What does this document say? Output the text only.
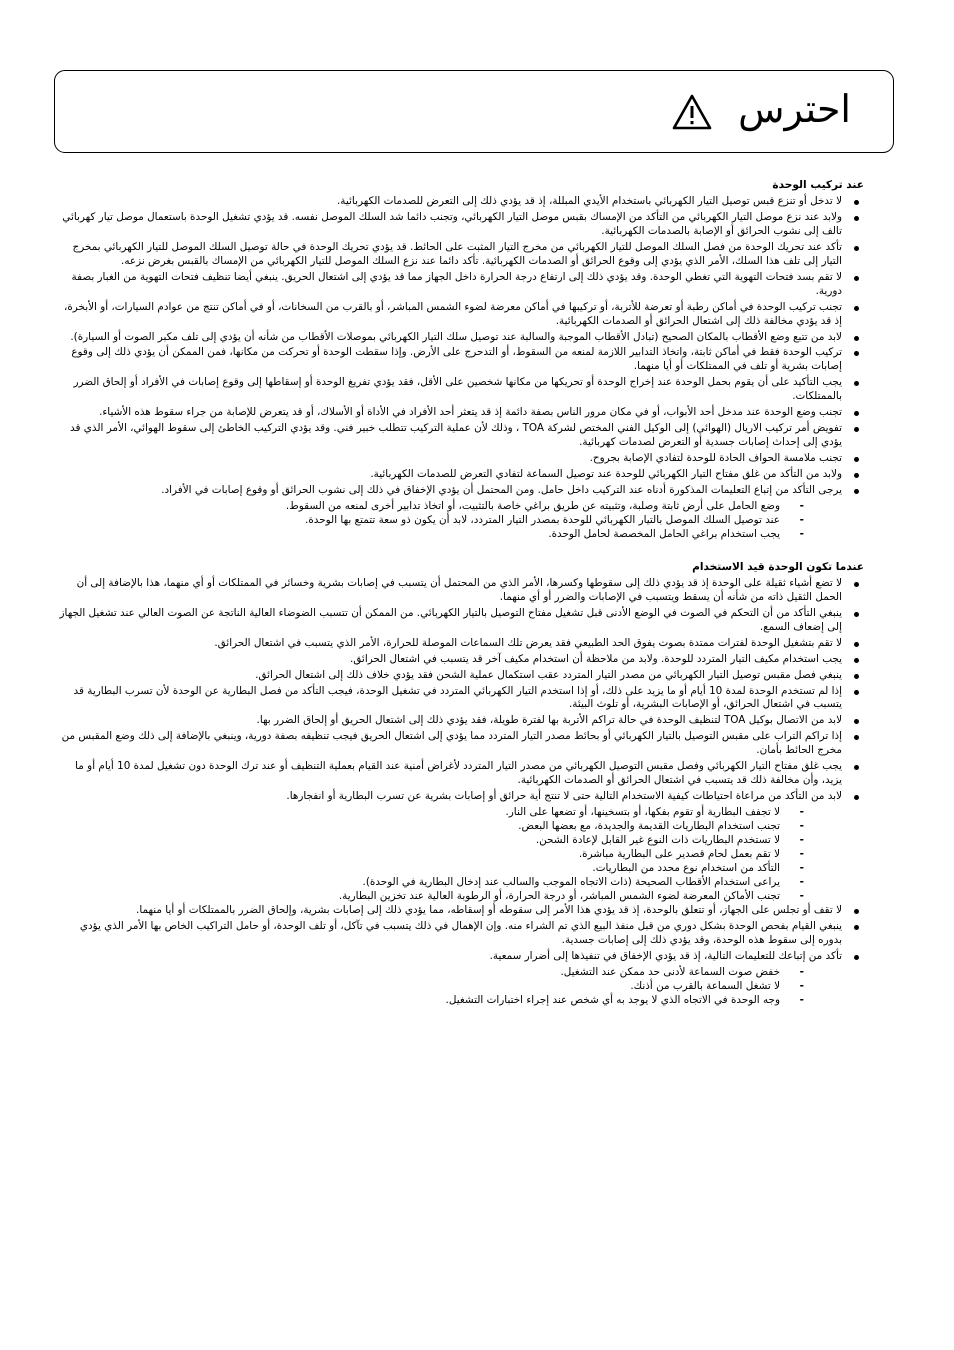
احترس
عند تركيب الوحدة
لا تدخل أو تنزع قبس توصيل التيار الكهربائي باستخدام الأيدي المبللة، إذ قد يؤدي ذلك إلى التعرض للصدمات الكهربائية.
ولابد عند نزع موصل التيار الكهربائي من التأكد من الإمساك بقبس موصل التيار الكهربائي، وتجنب دائما شد السلك الموصل نفسه. قد يؤدي تشغيل الوحدة باستعمال موصل تيار كهربائي تالف إلى نشوب الحرائق أو الإصابة بالصدمات الكهربائية.
تأكد عند تحريك الوحدة من فصل السلك الموصل للتيار الكهربائي من مخرج التيار المثبت على الحائط. قد يؤدي تحريك الوحدة في حالة توصيل السلك الموصل للتيار الكهربائي بمخرج التيار إلى تلف هذا السلك، الأمر الذي يؤدي إلى وقوع الحرائق أو الصدمات الكهربائية. تأكد دائما عند نزع السلك الموصل للتيار الكهربائي من الإمساك بالقبس بغرض نزعه.
لا تقم بسد فتحات التهوية التي تغطي الوحدة. وقد يؤدي ذلك إلى ارتفاع درجة الحرارة داخل الجهاز مما قد يؤدي إلى اشتعال الحريق. ينبغي أيضا تنظيف فتحات التهوية من الغبار بصفة دورية.
تجنب تركيب الوحدة في أماكن رطبة أو تعرضة للأتربة، أو تركيبها في أماكن معرضة لضوء الشمس المباشر، أو بالقرب من السخانات، أو في أماكن تنتج من عوادم السيارات، أو الأبخرة، إذ قد يؤدي مخالفة ذلك إلى اشتعال الحرائق أو الصدمات الكهربائية.
لابد من تتبع وضع الأقطاب بالمكان الصحيح (تبادل الأقطاب الموجبة والسالبة عند توصيل سلك التيار الكهربائي بموصلات الأقطاب من شأنه أن يؤدي إلى تلف مكبر الصوت أو السيارة).
تركيب الوحدة فقط في أماكن ثابتة، واتخاذ التدابير اللازمة لمنعه من السقوط، أو التدحرج على الأرض. وإذا سقطت الوحدة أو تحركت من مكانها، فمن الممكن أن يؤدي ذلك إلى وقوع إصابات بشرية أو تلف في الممتلكات أو أيا منهما.
يجب التأكيد على أن يقوم بحمل الوحدة عند إخراج الوحدة أو تحريكها من مكانها شخصين على الأقل، فقد يؤدي تفريغ الوحدة أو إسقاطها إلى وقوع إصابات في الأفراد أو إلحاق الضرر بالممتلكات.
تجنب وضع الوحدة عند مدخل أحد الأبواب، أو في مكان مرور الناس بصفة دائمة إذ قد يتعثر أحد الأفراد في الأداة أو الأسلاك، أو قد يتعرض للإصابة من جراء سقوط هذه الأشياء.
تفويض أمر تركيب الاريال (الهوائي) إلى الوكيل الفني المختص لشركة TOA ، وذلك لأن عملية التركيب تتطلب خبير فني. وقد يؤدي التركيب الخاطئ إلى سقوط الهوائي، الأمر الذي قد يؤدي إلى إحداث إصابات جسدية أو التعرض لصدمات كهربائية.
تجنب ملامسة الحواف الحادة للوحدة لتفادي الإصابة بجروح.
ولابد من التأكد من غلق مفتاح التيار الكهربائي للوحدة عند توصيل السماعة لتفادي التعرض للصدمات الكهربائية.
يرجى التأكد من إتباع التعليمات المذكورة أدناه عند التركيب داخل حامل. ومن المحتمل أن يؤدي الإخفاق في ذلك إلى نشوب الحرائق أو وقوع إصابات في الأفراد.
- وضع الحامل على أرض ثابتة وصلبة، وتثبيته عن طريق براغي خاصة بالتثبيت، أو اتخاذ تدابير أخرى لمنعه من السقوط.
- عند توصيل السلك الموصل بالتيار الكهربائي للوحدة بمصدر التيار المتردد، لابد أن يكون ذو سعة تتمتع بها الوحدة.
- يجب استخدام براغي الحامل المخصصة لحامل الوحدة.
عندما تكون الوحدة قيد الاستخدام
لا تضع أشياء ثقيلة على الوحدة إذ قد يؤدي ذلك إلى سقوطها وكسرها، الأمر الذي من المحتمل أن يتسبب في إصابات بشرية وخسائر في الممتلكات أو أي منهما، هذا بالإضافة إلى أن الحمل الثقيل ذاته من شأنه أن يسقط ويتسبب في الإصابات والضرر أو أي منهما.
ينبغي التأكد من أن التحكم في الصوت في الوضع الأدنى قبل تشغيل مفتاح التوصيل بالتيار الكهربائي. من الممكن أن تتسبب الضوضاء العالية الناتجة عن الصوت العالي عند تشغيل الجهاز إلى إضعاف السمع.
لا تقم بتشغيل الوحدة لفترات ممتدة بصوت يفوق الحد الطبيعي فقد يعرض تلك السماعات الموصلة للحرارة، الأمر الذي يتسبب في اشتعال الحرائق.
يجب استخدام مكيف التيار المتردد للوحدة. ولابد من ملاحظة أن استخدام مكيف آخر قد يتسبب في اشتعال الحرائق.
ينبغي فصل مقبس توصيل التيار الكهربائي من مصدر التيار المتردد عقب استكمال عملية الشحن فقد يؤدي خلاف ذلك إلى اشتعال الحرائق.
إذا لم تستخدم الوحدة لمدة 10 أيام أو ما يزيد على ذلك، أو إذا استخدم التيار الكهربائي المتردد في تشغيل الوحدة، فيجب التأكد من فصل البطارية عن الوحدة لأن تسرب البطارية قد يتسبب في اشتعال الحرائق، أو الإصابات البشرية، أو تلوث البيئة.
لابد من الاتصال بوكيل TOA لتنظيف الوحدة في حالة تراكم الأتربة بها لفترة طويلة، فقد يؤدي ذلك إلى اشتعال الحريق أو إلحاق الضرر بها.
إذا تراكم التراب على مقبس التوصيل بالتيار الكهربائي أو بحائط مصدر التيار المتردد مما يؤدي إلى اشتعال الحريق فيجب تنظيفه بصفة دورية، وينبغي بالإضافة إلى ذلك وضع المقبس من مخرج الحائط بأمان.
يجب غلق مفتاح التيار الكهربائي وفصل مقبس التوصيل الكهربائي من مصدر التيار المتردد لأغراض أمنية عند القيام بعملية التنظيف أو عند ترك الوحدة دون تشغيل لمدة 10 أيام أو ما يزيد، وأن مخالفة ذلك قد يتسبب في اشتعال الحرائق أو الصدمات الكهربائية.
لابد من التأكد من مراعاة احتياطات كيفية الاستخدام التالية حتى لا تنتج أية حرائق أو إصابات بشرية عن تسرب البطارية أو انفجارها.
- لا تجفف البطارية أو تقوم بفكها، أو بتسخينها، أو تضعها على النار.
- تجنب استخدام البطاريات القديمة والجديدة، مع بعضها البعض.
- لا تستخدم البطاريات ذات النوع غير القابل لإعادة الشحن.
- لا تقم بعمل لحام قصدير على البطارية مباشرة.
- التأكد من استخدام نوع محدد من البطاريات.
- يراعى استخدام الأقطاب الصحيحة (ذات الاتجاه الموجب والسالب عند إدخال البطارية في الوحدة).
- تجنب الأماكن المعرضة لضوء الشمس المباشر، أو درجة الحرارة، أو الرطوبة العالية عند تخزين البطارية.
لا تقف أو تجلس على الجهاز، أو تتعلق بالوحدة، إذ قد يؤدي هذا الأمر إلى سقوطه أو إسقاطه، مما يؤدي ذلك إلى إصابات بشرية، وإلحاق الضرر بالممتلكات أو أيا منهما.
ينبغي القيام بفحص الوحدة بشكل دوري من قبل منفذ البيع الذي تم الشراء منه. وإن الإهمال في ذلك يتسبب في تآكل، أو تلف الوحدة، أو حامل التراكيب الخاص بها الأمر الذي يؤدي بدوره إلى سقوط هذه الوحدة، وقد يؤدي ذلك إلى إصابات جسدية.
تأكد من إتباعك للتعليمات التالية، إذ قد يؤدي الإخفاق في تنفيذها إلى أضرار سمعية.
- خفض صوت السماعة لأدنى حد ممكن عند التشغيل.
- لا تشغل السماعة بالقرب من أذنك.
- وجه الوحدة في الاتجاه الذي لا يوجد به أي شخص عند إجراء اختبارات التشغيل.
